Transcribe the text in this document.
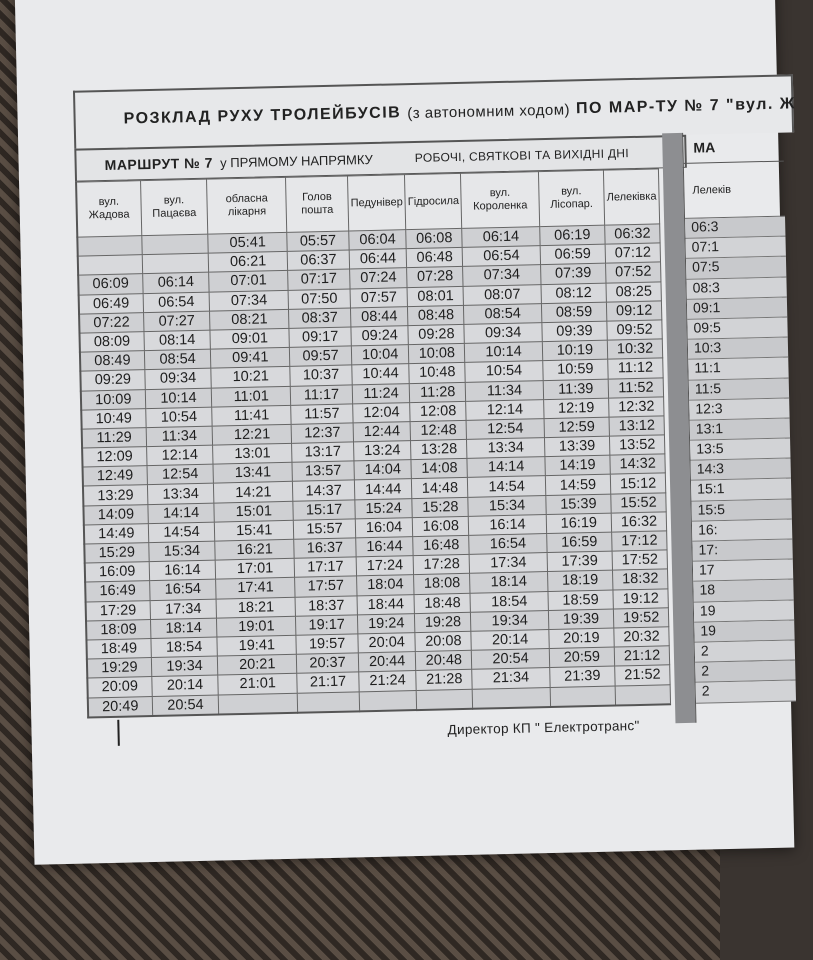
РОЗКЛАД РУХУ ТРОЛЕЙБУСІВ
(з автономним ходом)
ПО МАР-ТУ № 7 "вул. Ж
МАРШРУТ № 7
у ПРЯМОМУ НАПРЯМКУ	РОБОЧІ, СВЯТКОВІ ТА ВИХІДНІ ДНІ
вул. Жадова	вул. Пацаєва	обласна лікарня	Голов пошта	Педунівер	Гідросила	вул. Короленка	вул. Лісопар.	Лелеківка
		05:41	05:57	06:04	06:08	06:14	06:19	06:32
		06:21	06:37	06:44	06:48	06:54	06:59	07:12
06:09	06:14	07:01	07:17	07:24	07:28	07:34	07:39	07:52
06:49	06:54	07:34	07:50	07:57	08:01	08:07	08:12	08:25
07:22	07:27	08:21	08:37	08:44	08:48	08:54	08:59	09:12
08:09	08:14	09:01	09:17	09:24	09:28	09:34	09:39	09:52
08:49	08:54	09:41	09:57	10:04	10:08	10:14	10:19	10:32
09:29	09:34	10:21	10:37	10:44	10:48	10:54	10:59	11:12
10:09	10:14	11:01	11:17	11:24	11:28	11:34	11:39	11:52
10:49	10:54	11:41	11:57	12:04	12:08	12:14	12:19	12:32
11:29	11:34	12:21	12:37	12:44	12:48	12:54	12:59	13:12
12:09	12:14	13:01	13:17	13:24	13:28	13:34	13:39	13:52
12:49	12:54	13:41	13:57	14:04	14:08	14:14	14:19	14:32
13:29	13:34	14:21	14:37	14:44	14:48	14:54	14:59	15:12
14:09	14:14	15:01	15:17	15:24	15:28	15:34	15:39	15:52
14:49	14:54	15:41	15:57	16:04	16:08	16:14	16:19	16:32
15:29	15:34	16:21	16:37	16:44	16:48	16:54	16:59	17:12
16:09	16:14	17:01	17:17	17:24	17:28	17:34	17:39	17:52
16:49	16:54	17:41	17:57	18:04	18:08	18:14	18:19	18:32
17:29	17:34	18:21	18:37	18:44	18:48	18:54	18:59	19:12
18:09	18:14	19:01	19:17	19:24	19:28	19:34	19:39	19:52
18:49	18:54	19:41	19:57	20:04	20:08	20:14	20:19	20:32
19:29	19:34	20:21	20:37	20:44	20:48	20:54	20:59	21:12
20:09	20:14	21:01	21:17	21:24	21:28	21:34	21:39	21:52
20:49	20:54							
МА
Лелеків
06:3
07:1
07:5
08:3
09:1
09:5
10:3
11:1
11:5
12:3
13:1
13:5
14:3
15:1
15:5
16:
17:
17
18
19
19
2
2
2
Директор КП " Електротранс"
